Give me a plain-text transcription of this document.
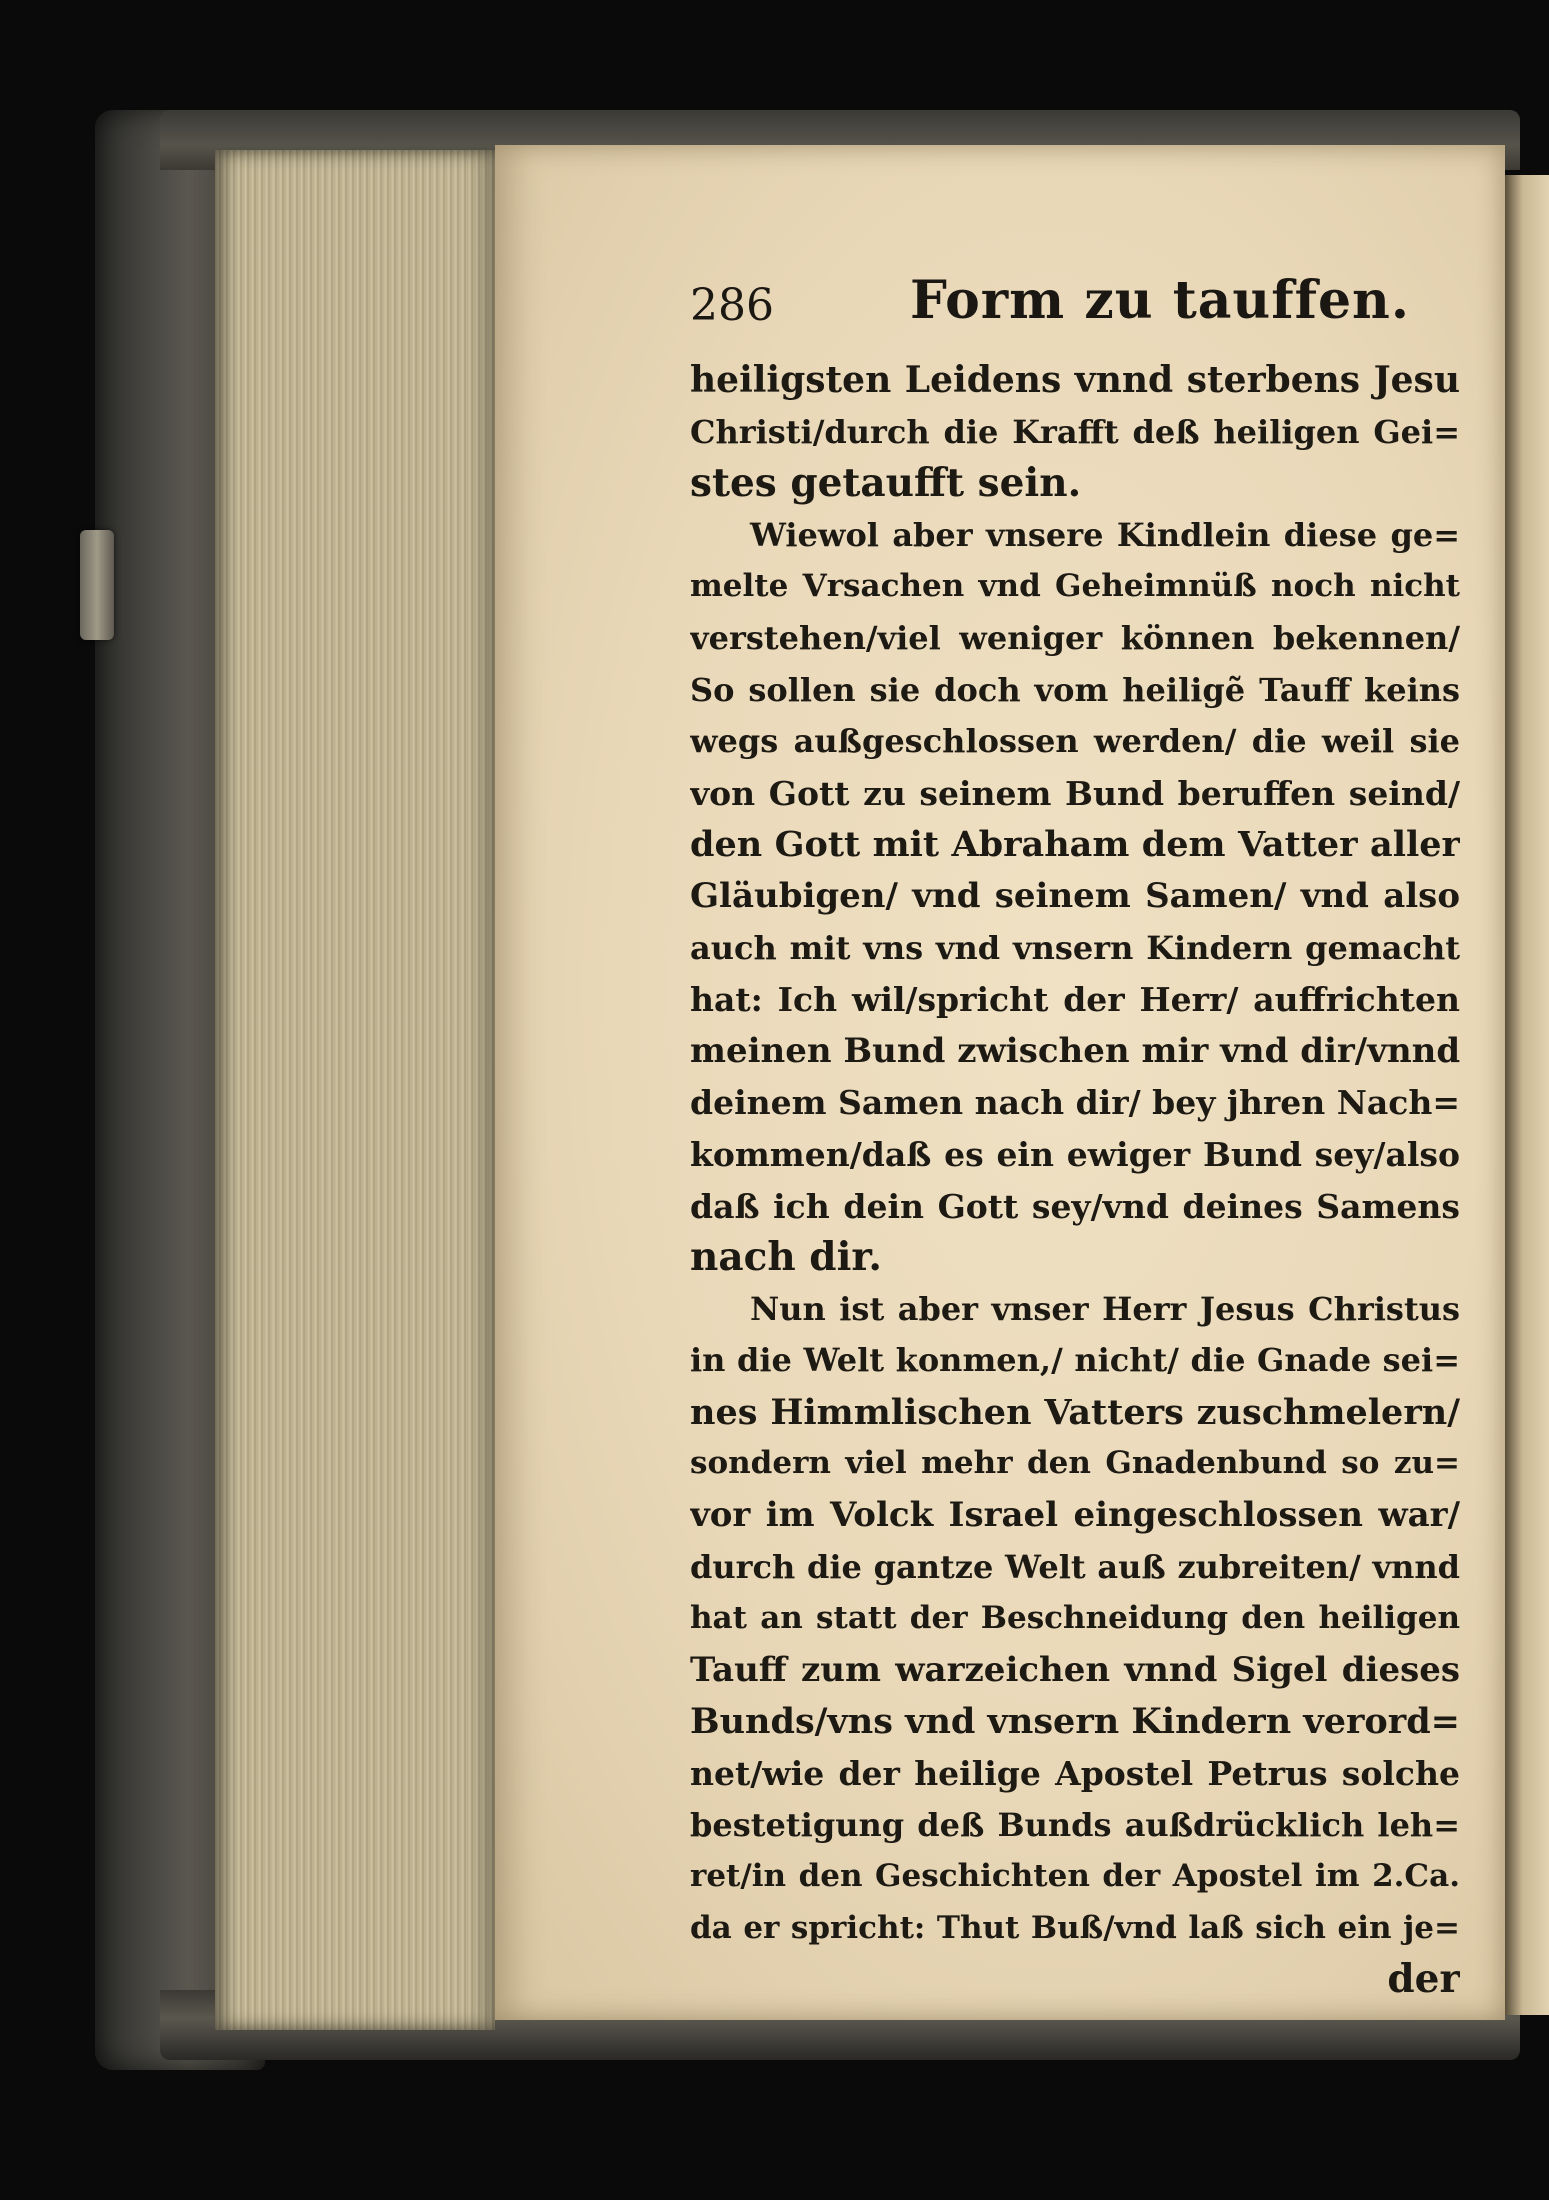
286	Form zu tauffen.
heiligsten Leidens vnnd sterbens Jesu
Christi/durch die Krafft deß heiligen Gei=
stes getaufft sein.
Wiewol aber vnsere Kindlein diese ge=
melte Vrsachen vnd Geheimnüß noch nicht
verstehen/viel weniger können bekennen/
So sollen sie doch vom heiligẽ Tauff keins
wegs außgeschlossen werden/ die weil sie
von Gott zu seinem Bund beruffen seind/
den Gott mit Abraham dem Vatter aller
Gläubigen/ vnd seinem Samen/ vnd also
auch mit vns vnd vnsern Kindern gemacht
hat: Ich wil/spricht der Herr/ auffrichten
meinen Bund zwischen mir vnd dir/vnnd
deinem Samen nach dir/ bey jhren Nach=
kommen/daß es ein ewiger Bund sey/also
daß ich dein Gott sey/vnd deines Samens
nach dir.
Nun ist aber vnser Herr Jesus Christus
in die Welt konmen,/ nicht/ die Gnade sei=
nes Himmlischen Vatters zuschmelern/
sondern viel mehr den Gnadenbund so zu=
vor im Volck Israel eingeschlossen war/
durch die gantze Welt auß zubreiten/ vnnd
hat an statt der Beschneidung den heiligen
Tauff zum warzeichen vnnd Sigel dieses
Bunds/vns vnd vnsern Kindern verord=
net/wie der heilige Apostel Petrus solche
bestetigung deß Bunds außdrücklich leh=
ret/in den Geschichten der Apostel im 2.Ca.
da er spricht: Thut Buß/vnd laß sich ein je=
der
